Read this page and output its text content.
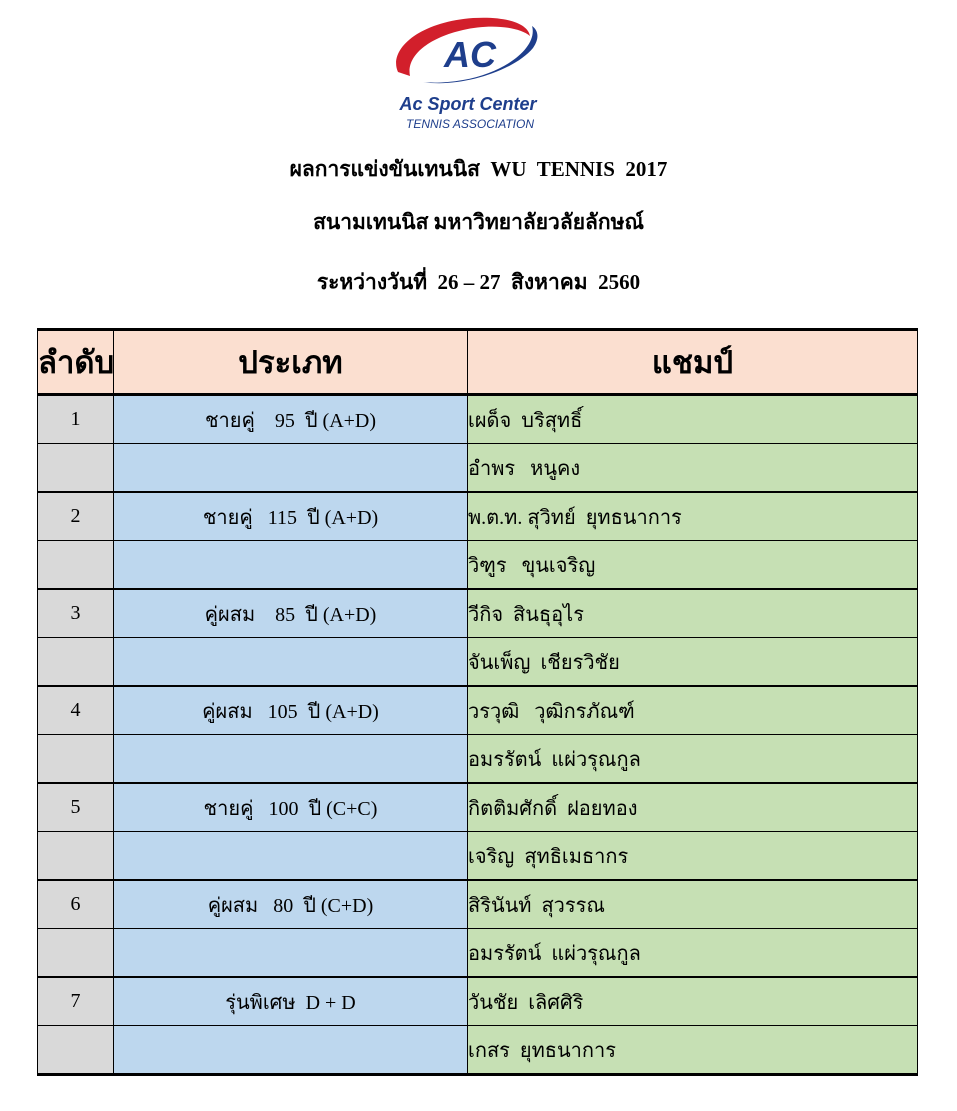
AC
Ac Sport Center
TENNIS ASSOCIATION
ผลการแข่งขันเทนนิส  WU  TENNIS  2017
สนามเทนนิส มหาวิทยาลัยวลัยลักษณ์
ระหว่างวันที่  26 – 27  สิงหาคม  2560
ลำดับ	ประเภท	แชมป์
1	ชายคู่    95  ปี (A+D)	เผด็จ  บริสุทธิ์
		อำพร   หนูคง
2	ชายคู่   115  ปี (A+D)	พ.ต.ท. สุวิทย์  ยุทธนาการ
		วิฑูร   ขุนเจริญ
3	คู่ผสม    85  ปี (A+D)	วีกิจ  สินธุอุไร
		จันเพ็ญ  เชียรวิชัย
4	คู่ผสม   105  ปี (A+D)	วรวุฒิ   วุฒิกรภัณฑ์
		อมรรัตน์  แผ่วรุณกูล
5	ชายคู่   100  ปี (C+C)	กิตติมศักดิ์  ฝอยทอง
		เจริญ  สุทธิเมธากร
6	คู่ผสม   80  ปี (C+D)	สิรินันท์  สุวรรณ
		อมรรัตน์  แผ่วรุณกูล
7	รุ่นพิเศษ  D + D	วันชัย  เลิศศิริ
		เกสร  ยุทธนาการ
